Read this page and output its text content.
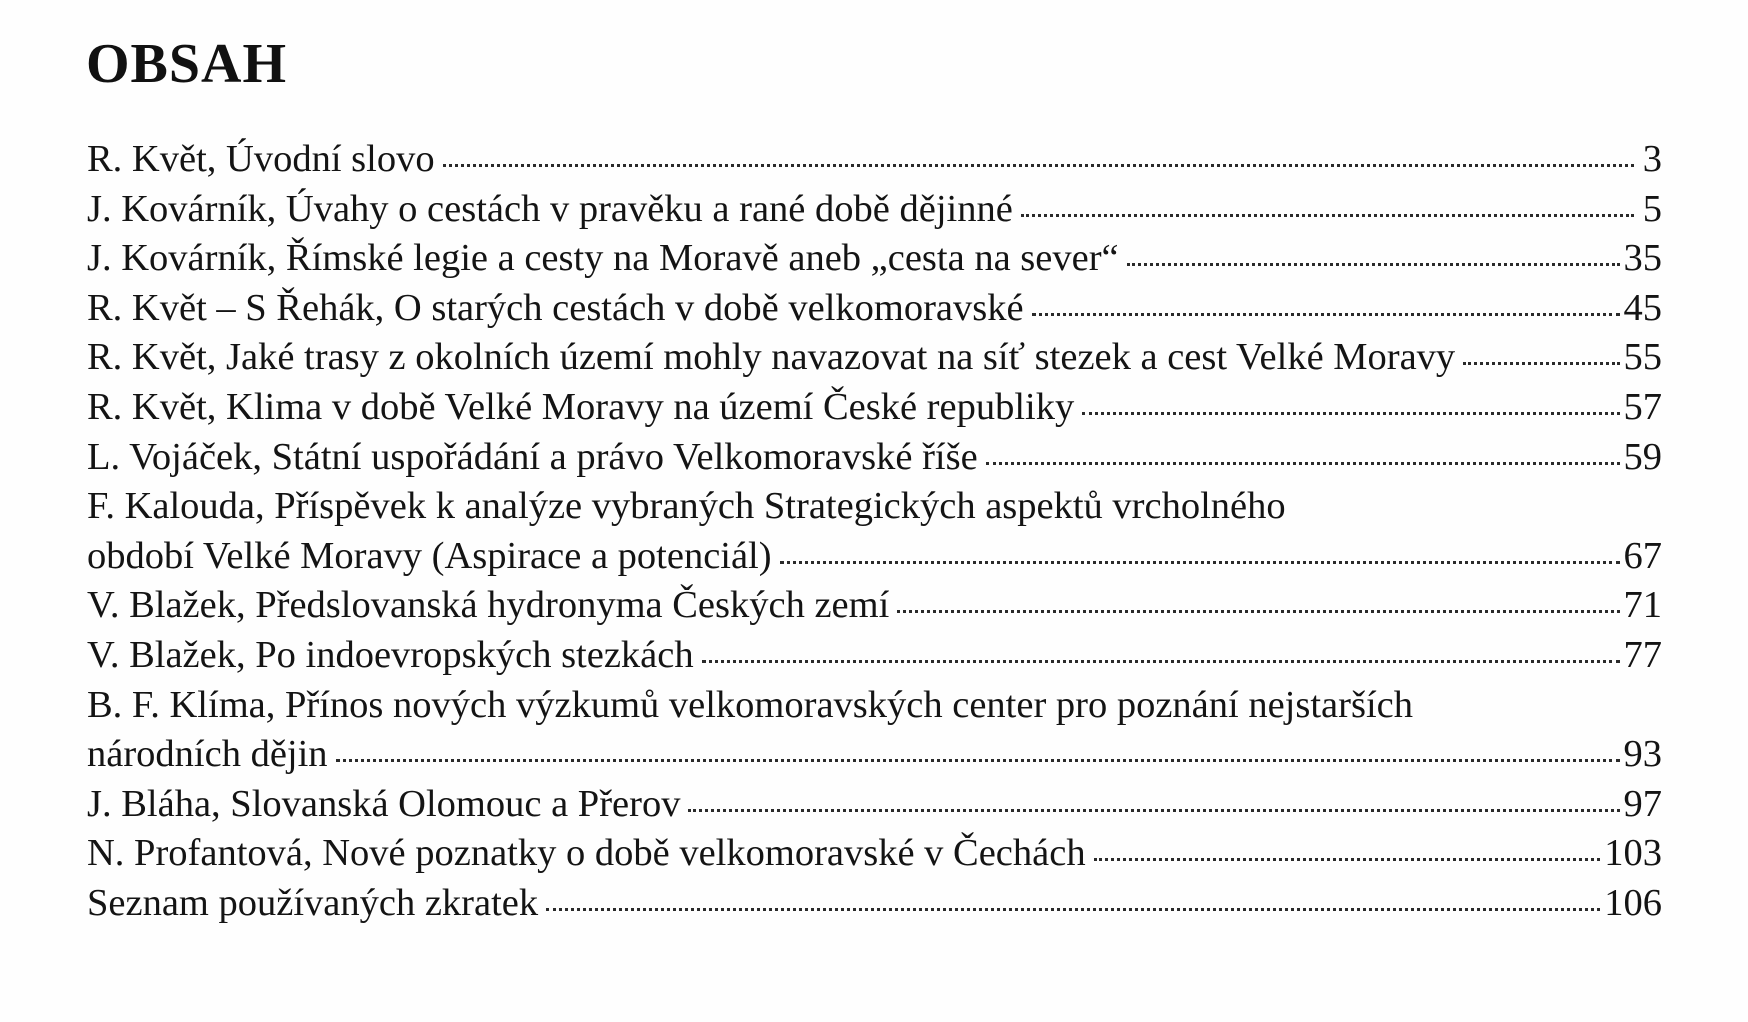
OBSAH
R. Květ, Úvodní slovo	3
J. Kovárník, Úvahy o cestách v pravěku a rané době dějinné	5
J. Kovárník, Římské legie a cesty na Moravě aneb „cesta na sever“	35
R. Květ – S Řehák, O starých cestách v době velkomoravské	45
R. Květ, Jaké trasy z okolních území mohly navazovat na síť stezek a cest Velké Moravy	55
R. Květ, Klima v době Velké Moravy na území České republiky	57
L. Vojáček, Státní uspořádání a právo Velkomoravské říše	59
F. Kalouda, Příspěvek k analýze vybraných Strategických aspektů vrcholného
období Velké Moravy (Aspirace a potenciál)	67
V. Blažek, Předslovanská hydronyma Českých zemí	71
V. Blažek, Po indoevropských stezkách	77
B. F. Klíma, Přínos nových výzkumů velkomoravských center pro poznání nejstarších
národních dějin	93
J. Bláha, Slovanská Olomouc a Přerov	97
N. Profantová, Nové poznatky o době velkomoravské v Čechách	103
Seznam používaných zkratek	106
